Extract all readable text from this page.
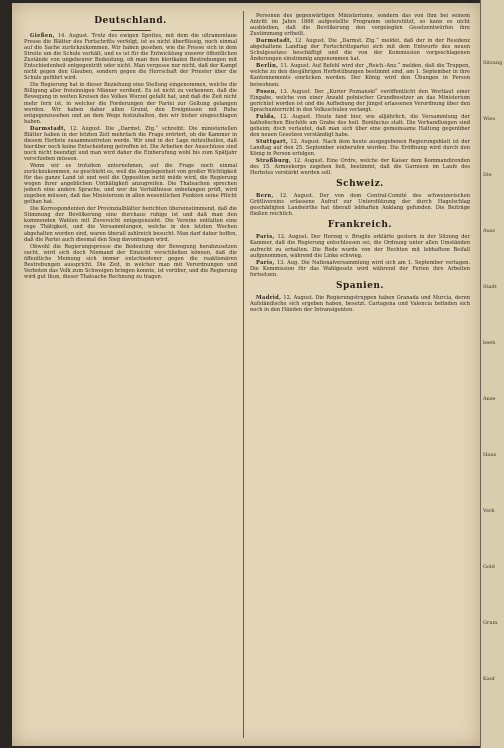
Deutschland.

Gießen, 14. August. Trotz des ewigen Spottes, mit dem die ultramontane Presse die Blätter des Fortschritts verfolgt, ist es nicht überflüssig, noch einmal auf die Sache zurückzukommen. Wir haben gesehen, wie die Presse sich in dem Streite um die Schule verhält, und es ist für die Entwicklung unserer öffentlichen Zustände von ungeheurer Bedeutung, ob man den klerikalen Bestrebungen mit Entschiedenheit entgegentritt oder nicht. Man vergesse nur nicht, daß der Kampf nicht gegen den Glauben, sondern gegen die Herrschaft der Priester über die Schule geführt wird.

Die Regierung hat in dieser Beziehung eine Stellung eingenommen, welche die Billigung aller freisinnigen Männer verdient. Es ist nicht zu verkennen, daß die Bewegung in weiten Kreisen des Volkes Wurzel gefaßt hat, und daß die Zeit nicht mehr fern ist, in welcher die Forderungen der Partei zur Geltung gelangen werden. Wir haben daher allen Grund, den Ereignissen mit Ruhe entgegenzusehen und an dem Wege festzuhalten, den wir bisher eingeschlagen haben.

Darmstadt, 12. August. Die „Darmst. Ztg.“ schreibt: Die ministeriellen Blätter haben in der letzten Zeit mehrfach die Frage erörtert, ob die Kammer in diesem Herbste zusammentreten werde. Wir sind in der Lage mitzutheilen, daß hierüber noch keine Entscheidung getroffen ist. Die Arbeiten der Ausschüsse sind noch nicht beendigt und man wird daher die Einberufung wohl bis zum Spätjahr verschieben müssen.

Wenn wir es trotzdem unternehmen, auf die Frage noch einmal zurückzukommen, so geschieht es, weil die Angelegenheit von großer Wichtigkeit für das ganze Land ist und weil die Opposition nicht müde wird, die Regierung wegen ihrer angeblichen Unthätigkeit anzugreifen. Die Thatsachen sprechen jedoch eine andere Sprache, und wer die Verhältnisse unbefangen prüft, wird zugeben müssen, daß das Ministerium in allen wesentlichen Punkten seine Pflicht gethan hat.

Die Korrespondenten der Provinzialblätter berichten übereinstimmend, daß die Stimmung der Bevölkerung eine durchaus ruhige ist und daß man den kommenden Wahlen mit Zuversicht entgegensieht. Die Vereine entfalten eine rege Thätigkeit, und die Versammlungen, welche in den letzten Wochen abgehalten worden sind, waren überall zahlreich besucht. Man darf daher hoffen, daß die Partei auch diesmal den Sieg davontragen wird.

Obwohl die Regierungspresse die Bedeutung der Bewegung herabzusetzen sucht, wird sich doch Niemand der Einsicht verschließen können, daß die öffentliche Meinung sich immer entschiedener gegen die reaktionären Bestrebungen ausspricht. Die Zeit, in welcher man mit Verordnungen und Verboten das Volk zum Schweigen bringen konnte, ist vorüber, und die Regierung wird gut thun, dieser Thatsache Rechnung zu tragen.

Personen des gegenwärtigen Ministeriums, sondern das von ihm bei seinem Antritt im Jahre 1866 aufgestellte Programm unterstützt, so kann es nicht ausbleiben, daß die Bevölkerung den vorgelegten Gesetzentwürfen ihre Zustimmung ertheilt.

Darmstadt, 12. August. Die „Darmst. Ztg.“ meldet, daß der in der Residenz abgehaltene Landtag der Fortschrittspartei sich mit dem Entwurfe des neuen Schulgesetzes beschäftigt und die von der Kommission vorgeschlagenen Änderungen einstimmig angenommen hat.

Berlin, 11. August. Auf Befehl wird der „Reich.-Anz.“ melden, daß die Truppen, welche zu den diesjährigen Herbstübungen bestimmt sind, am 1. September in ihre Kantonnements einrücken werden. Der König wird den Übungen in Person beiwohnen.

Posen, 13. August. Der „Kurier Poznanski“ veröffentlicht den Wortlaut einer Eingabe, welche von einer Anzahl polnischer Grundbesitzer an das Ministerium gerichtet worden ist und die Aufhebung der jüngst erlassenen Verordnung über den Sprachunterricht in den Volksschulen verlangt.

Fulda, 12. August. Heute fand hier, wie alljährlich, die Versammlung der katholischen Bischöfe am Grabe des heil. Bonifacius statt. Die Verhandlungen sind geheim; doch verlautet, daß man sich über eine gemeinsame Haltung gegenüber den neuen Gesetzen verständigt habe.

Stuttgart, 12. August. Nach dem heute ausgegebenen Regierungsblatt ist der Landtag auf den 25. September einberufen worden. Die Eröffnung wird durch den König in Person erfolgen.

Straßburg, 12. August. Eine Ordre, welche der Kaiser dem Kommandirenden des 15. Armeekorps zugehen ließ, bestimmt, daß die Garnison im Laufe des Herbstes verstärkt werden soll.

Schweiz.

Bern, 12. August. Der von dem Central-Comité des schweizerischen Grütlivereins erlassene Aufruf zur Unterstützung der durch Hagelschlag geschädigten Landwirthe hat überall lebhaften Anklang gefunden. Die Beiträge fließen reichlich.

Frankreich.

Paris, 12. August. Der Herzog v. Broglie erklärte gestern in der Sitzung der Kammer, daß die Regierung entschlossen sei, die Ordnung unter allen Umständen aufrecht zu erhalten. Die Rede wurde von der Rechten mit lebhaftem Beifall aufgenommen, während die Linke schwieg.

Paris, 13. Aug. Die Nationalversammlung wird sich am 1. September vertagen. Die Kommission für das Wahlgesetz wird während der Ferien ihre Arbeiten fortsetzen.

Spanien.

Madrid, 12. August. Die Regierungstruppen haben Granada und Murcia, deren Aufständische sich ergeben haben, besetzt. Cartagena und Valencia befinden sich noch in den Händen der Intransigenten.

Sitzung
Wies
Die
Ausz
Stadt
beeh
Anze
Haus
Verk
Gold
Grum
Kauf
